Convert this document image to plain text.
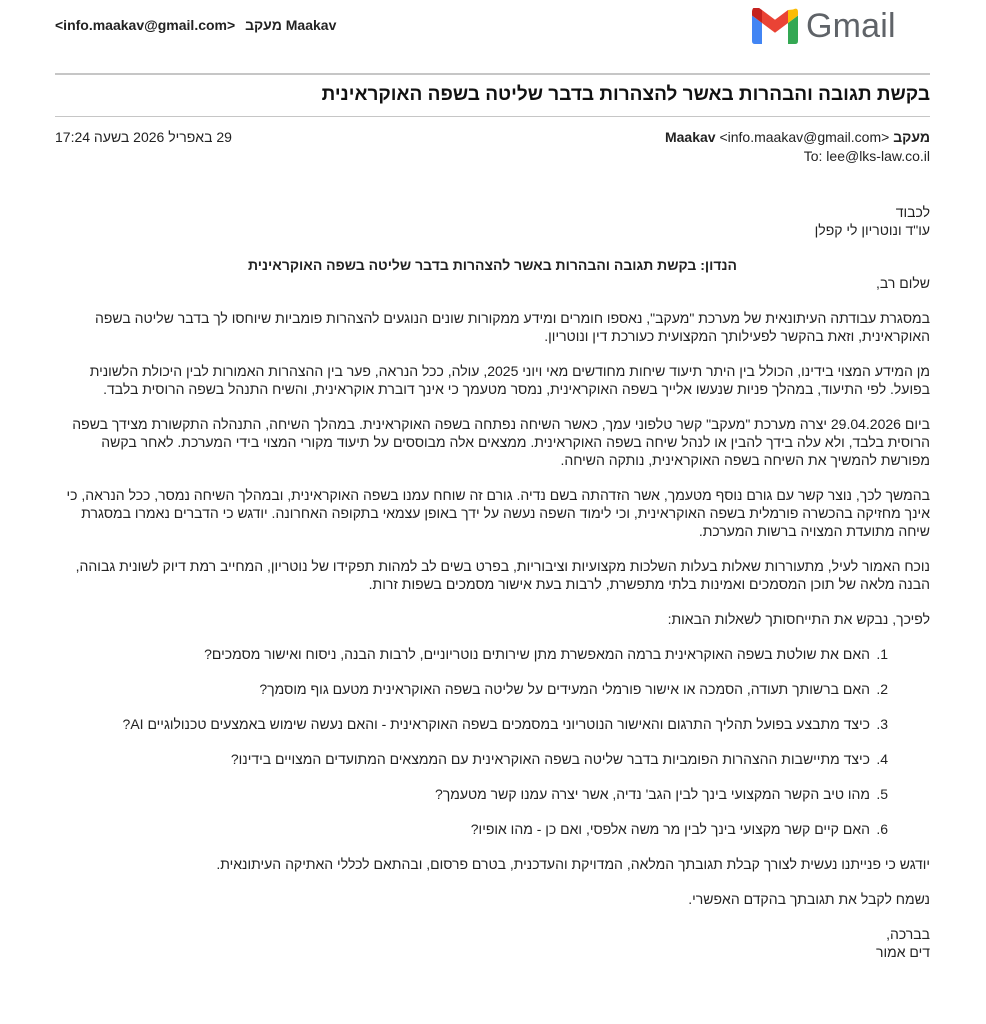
<info.maakav@gmail.com> מעקב Maakav	Gmail
בקשת תגובה והבהרות באשר להצהרות בדבר שליטה בשפה האוקראינית
מעקב Maakav <info.maakav@gmail.com>
29 באפריל 2026 בשעה 17:24
To: lee@lks-law.co.il

לכבוד

עו"ד ונוטריון לי קפלן

הנדון: בקשת תגובה והבהרות באשר להצהרות בדבר שליטה בשפה האוקראינית

שלום רב,

במסגרת עבודתה העיתונאית של מערכת "מעקב", נאספו חומרים ומידע ממקורות שונים הנוגעים להצהרות פומביות שיוחסו לך בדבר שליטה בשפה האוקראינית, וזאת בהקשר לפעילותך המקצועית כעורכת דין ונוטריון.

מן המידע המצוי בידינו, הכולל בין היתר תיעוד שיחות מחודשים מאי ויוני 2025, עולה, ככל הנראה, פער בין ההצהרות האמורות לבין היכולת הלשונית בפועל. לפי התיעוד, במהלך פניות שנעשו אלייך בשפה האוקראינית, נמסר מטעמך כי אינך דוברת אוקראינית, והשיח התנהל בשפה הרוסית בלבד.

ביום 29.04.2026 יצרה מערכת "מעקב" קשר טלפוני עמך, כאשר השיחה נפתחה בשפה האוקראינית. במהלך השיחה, התנהלה התקשורת מצידך בשפה הרוסית בלבד, ולא עלה בידך להבין או לנהל שיחה בשפה האוקראינית. ממצאים אלה מבוססים על תיעוד מקורי המצוי בידי המערכת. לאחר בקשה מפורשת להמשיך את השיחה בשפה האוקראינית, נותקה השיחה.

בהמשך לכך, נוצר קשר עם גורם נוסף מטעמך, אשר הזדהתה בשם נדיה. גורם זה שוחח עמנו בשפה האוקראינית, ובמהלך השיחה נמסר, ככל הנראה, כי אינך מחזיקה בהכשרה פורמלית בשפה האוקראינית, וכי לימוד השפה נעשה על ידך באופן עצמאי בתקופה האחרונה. יודגש כי הדברים נאמרו במסגרת שיחה מתועדת המצויה ברשות המערכת.

נוכח האמור לעיל, מתעוררות שאלות בעלות השלכות מקצועיות וציבוריות, בפרט בשים לב למהות תפקידו של נוטריון, המחייב רמת דיוק לשונית גבוהה, הבנה מלאה של תוכן המסמכים ואמינות בלתי מתפשרת, לרבות בעת אישור מסמכים בשפות זרות.

לפיכך, נבקש את התייחסותך לשאלות הבאות:

1.
האם את שולטת בשפה האוקראינית ברמה המאפשרת מתן שירותים נוטריוניים, לרבות הבנה, ניסוח ואישור מסמכים?
2.
האם ברשותך תעודה, הסמכה או אישור פורמלי המעידים על שליטה בשפה האוקראינית מטעם גוף מוסמך?
3.
כיצד מתבצע בפועל תהליך התרגום והאישור הנוטריוני במסמכים בשפה האוקראינית - והאם נעשה שימוש באמצעים טכנולוגיים AI?
4.
כיצד מתיישבות ההצהרות הפומביות בדבר שליטה בשפה האוקראינית עם הממצאים המתועדים המצויים בידינו?
5.
מהו טיב הקשר המקצועי בינך לבין הגב' נדיה, אשר יצרה עמנו קשר מטעמך?
6.
האם קיים קשר מקצועי בינך לבין מר משה אלפסי, ואם כן - מהו אופיו?

יודגש כי פנייתנו נעשית לצורך קבלת תגובתך המלאה, המדויקת והעדכנית, בטרם פרסום, ובהתאם לכללי האתיקה העיתונאית.

נשמח לקבל את תגובתך בהקדם האפשרי.

בברכה,

דים אמור
